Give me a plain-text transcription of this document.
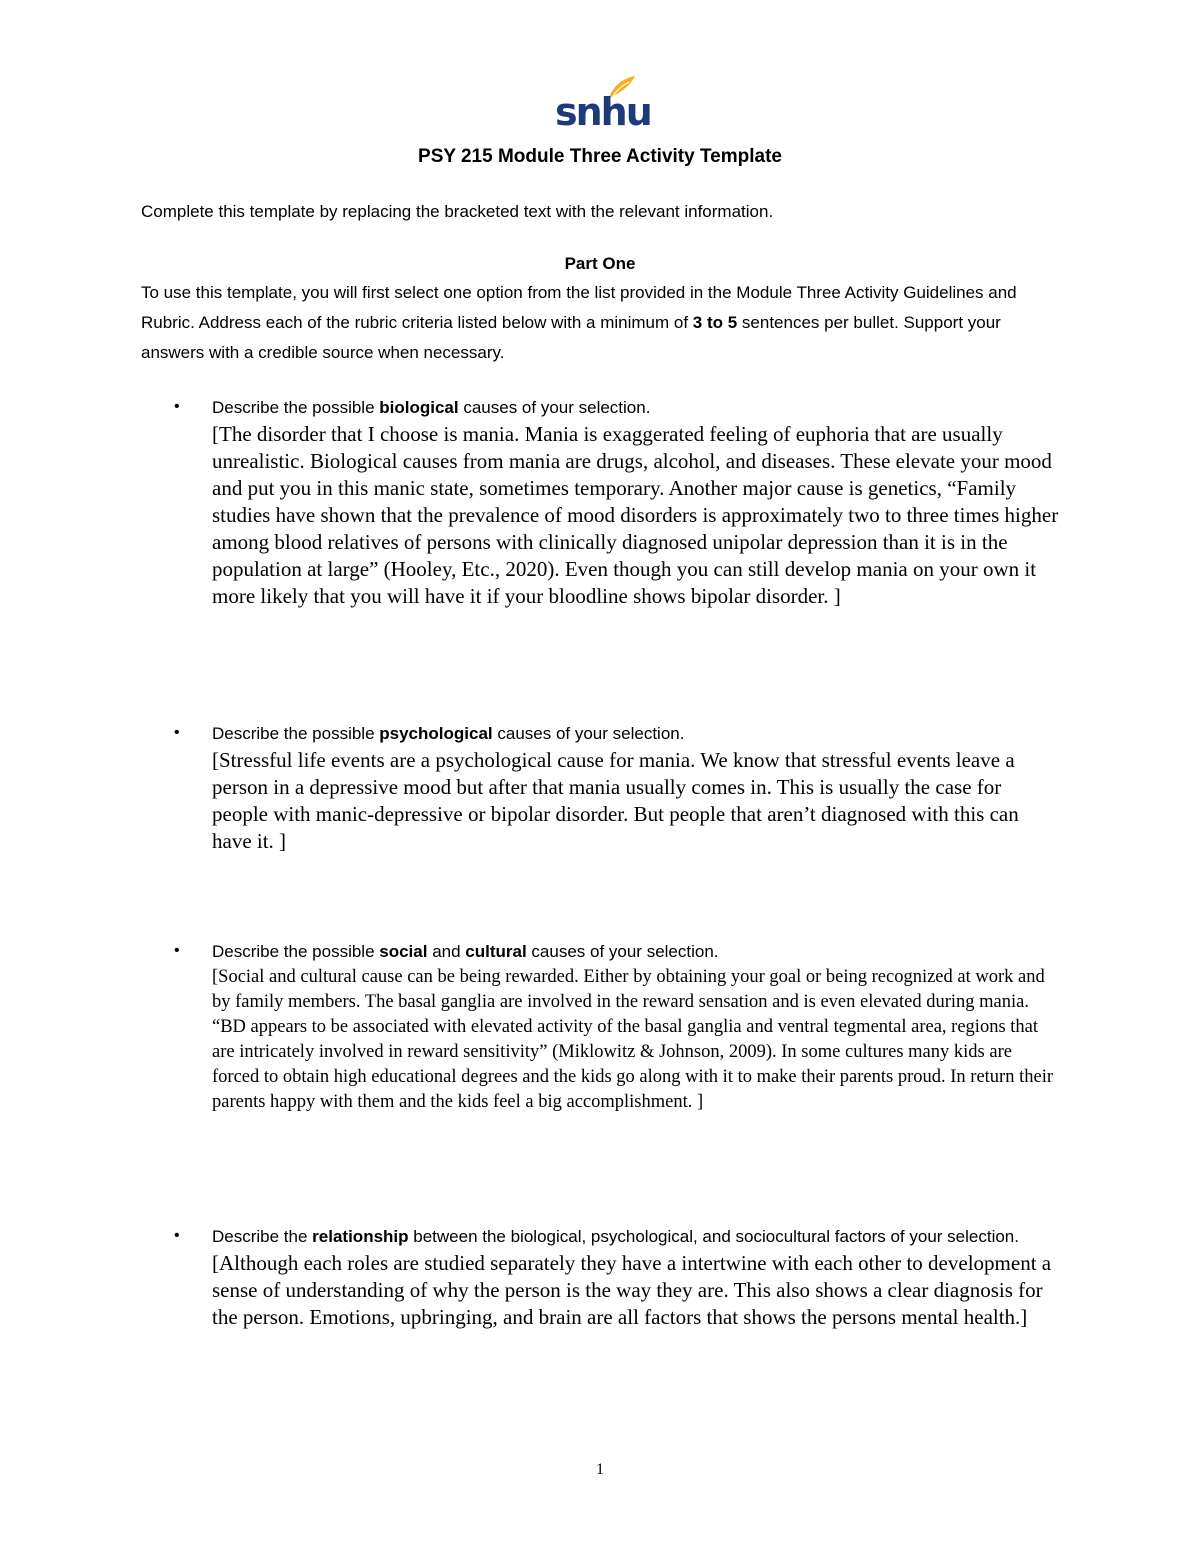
snhu
PSY 215 Module Three Activity Template
Complete this template by replacing the bracketed text with the relevant information.
Part One
To use this template, you will first select one option from the list provided in the Module Three Activity Guidelines and Rubric. Address each of the rubric criteria listed below with a minimum of 3 to 5 sentences per bullet. Support your answers with a credible source when necessary.
• Describe the possible biological causes of your selection.
[The disorder that I choose is mania. Mania is exaggerated feeling of euphoria that are usually unrealistic. Biological causes from mania are drugs, alcohol, and diseases. These elevate your mood and put you in this manic state, sometimes temporary. Another major cause is genetics, “Family studies have shown that the prevalence of mood disorders is approximately two to three times higher among blood relatives of persons with clinically diagnosed unipolar depression than it is in the population at large” (Hooley, Etc., 2020). Even though you can still develop mania on your own it more likely that you will have it if your bloodline shows bipolar disorder. ]
• Describe the possible psychological causes of your selection.
[Stressful life events are a psychological cause for mania. We know that stressful events leave a person in a depressive mood but after that mania usually comes in. This is usually the case for people with manic-depressive or bipolar disorder. But people that aren’t diagnosed with this can have it. ]
• Describe the possible social and cultural causes of your selection.
[Social and cultural cause can be being rewarded. Either by obtaining your goal or being recognized at work and by family members. The basal ganglia are involved in the reward sensation and is even elevated during mania. “BD appears to be associated with elevated activity of the basal ganglia and ventral tegmental area, regions that are intricately involved in reward sensitivity” (Miklowitz & Johnson, 2009). In some cultures many kids are forced to obtain high educational degrees and the kids go along with it to make their parents proud. In return their parents happy with them and the kids feel a big accomplishment. ]
• Describe the relationship between the biological, psychological, and sociocultural factors of your selection.
[Although each roles are studied separately they have a intertwine with each other to development a sense of understanding of why the person is the way they are. This also shows a clear diagnosis for the person. Emotions, upbringing, and brain are all factors that shows the persons mental health.]
1
